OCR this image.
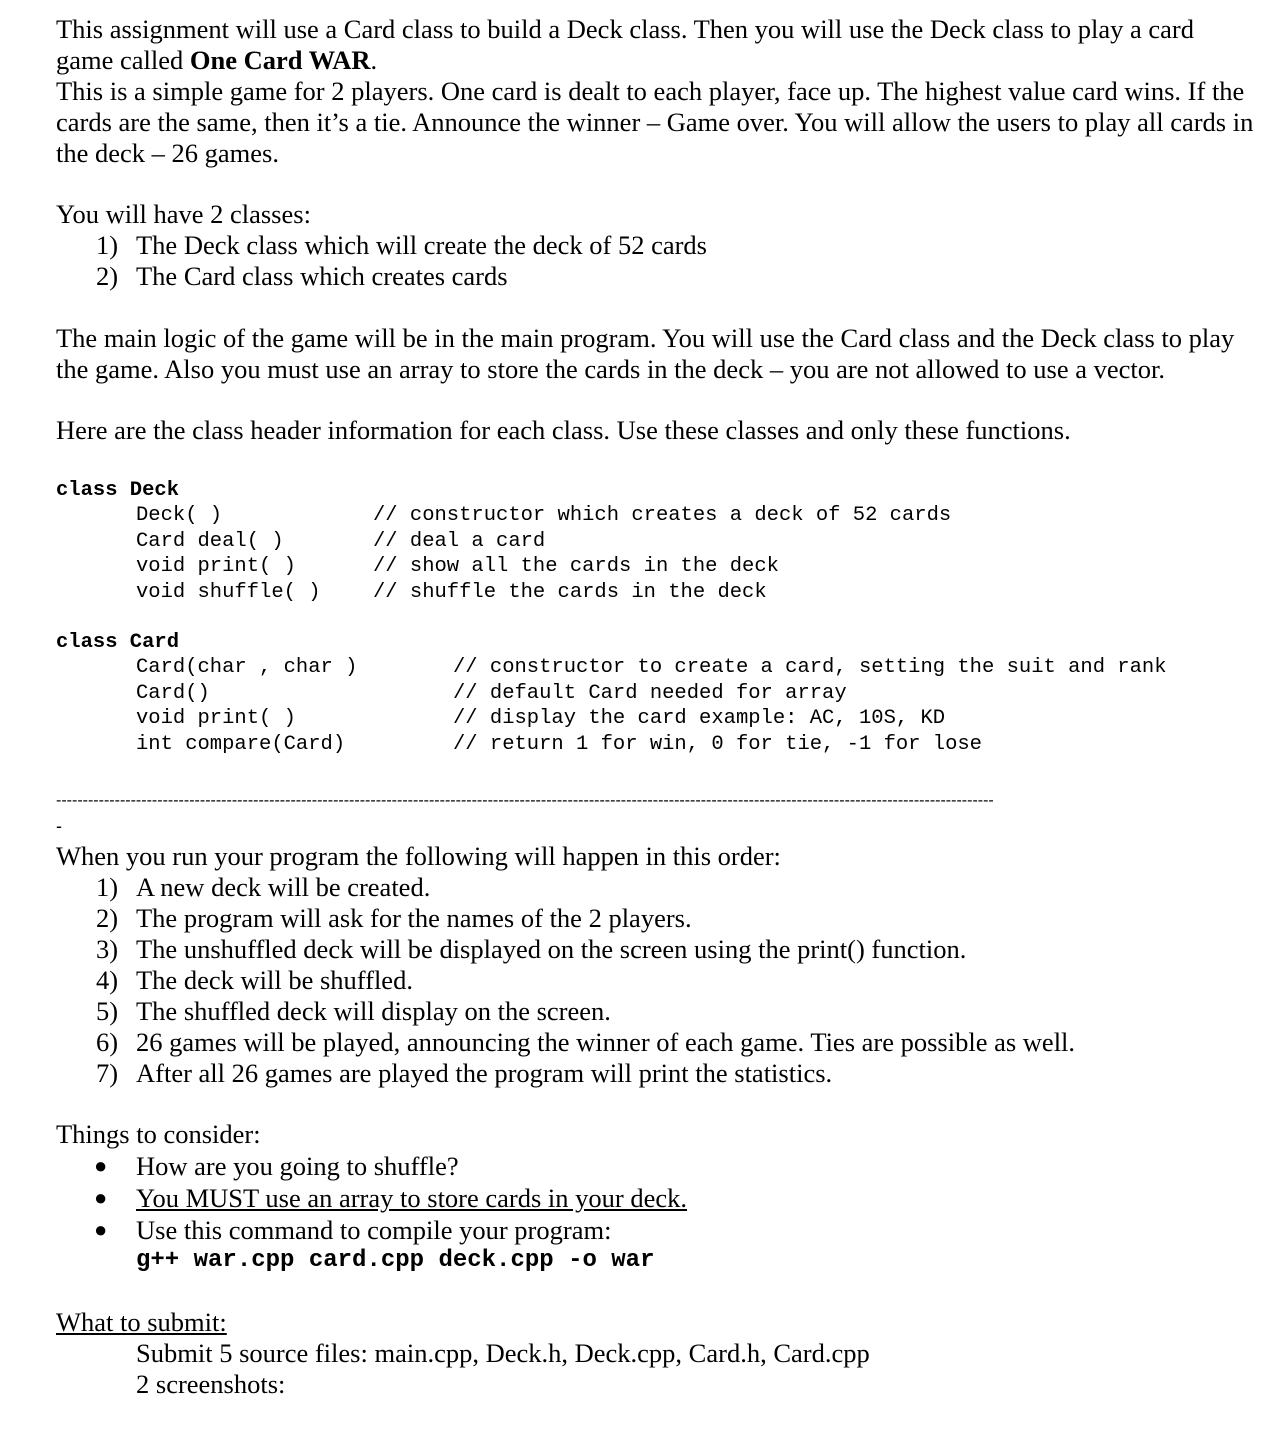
This assignment will use a Card class to build a Deck class. Then you will use the Deck class to play a card game called One Card WAR.

This is a simple game for 2 players. One card is dealt to each player, face up. The highest value card wins. If the cards are the same, then it’s a tie. Announce the winner – Game over. You will allow the users to play all cards in the deck – 26 games.

You will have 2 classes:

1) The Deck class which will create the deck of 52 cards
2) The Card class which creates cards

The main logic of the game will be in the main program. You will use the Card class and the Deck class to play the game. Also you must use an array to store the cards in the deck – you are not allowed to use a vector.

Here are the class header information for each class. Use these classes and only these functions.

class Deck
Deck( )	// constructor which creates a deck of 52 cards
Card deal( )	// deal a card
void print( )	// show all the cards in the deck
void shuffle( )	// shuffle the cards in the deck
class Card
Card(char , char )	// constructor to create a card, setting the suit and rank
Card()	// default Card needed for array
void print( )	// display the card example: AC, 10S, KD
int compare(Card)	// return 1 for win, 0 for tie, -1 for lose
--------------------------------------------------------------------------------------------------------------------------------------------------------------------------------
-

When you run your program the following will happen in this order:

1) A new deck will be created.
2) The program will ask for the names of the 2 players.
3) The unshuffled deck will be displayed on the screen using the print() function.
4) The deck will be shuffled.
5) The shuffled deck will display on the screen.
6) 26 games will be played, announcing the winner of each game. Ties are possible as well.
7) After all 26 games are played the program will print the statistics.

Things to consider:

● How are you going to shuffle?
● You MUST use an array to store cards in your deck.
● Use this command to compile your program:
g++ war.cpp card.cpp deck.cpp -o war

What to submit:

Submit 5 source files: main.cpp, Deck.h, Deck.cpp, Card.h, Card.cpp
2 screenshots:
